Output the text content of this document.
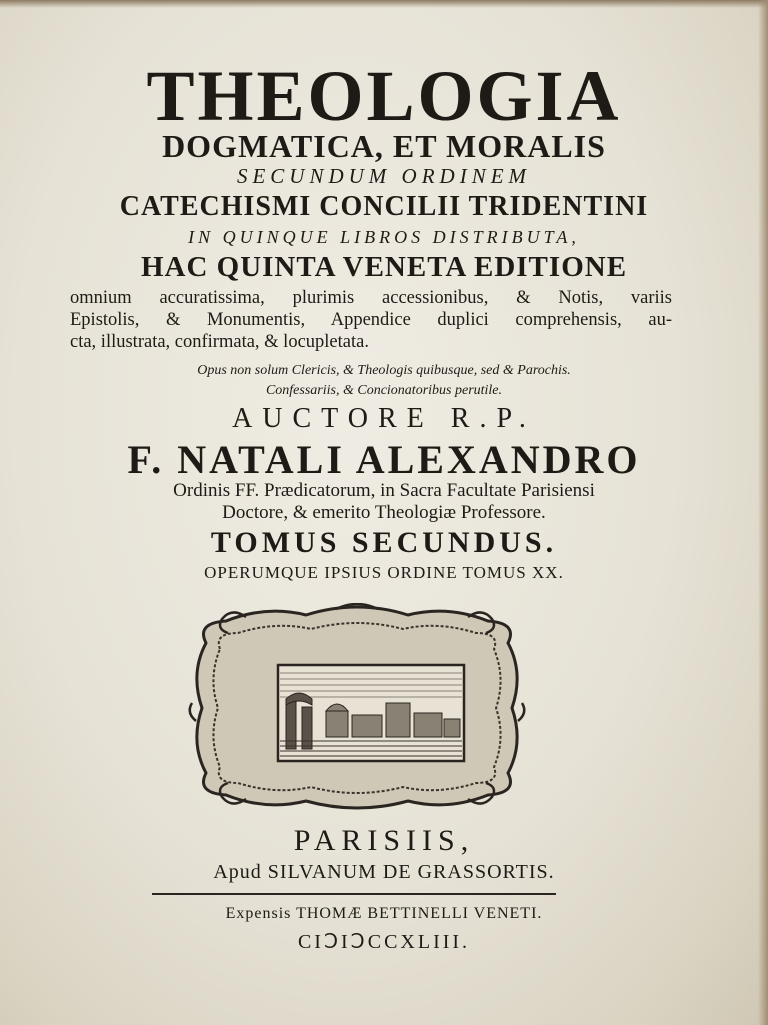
THEOLOGIA
DOGMATICA, ET MORALIS
SECUNDUM ORDINEM
CATECHISMI CONCILII TRIDENTINI
IN QUINQUE LIBROS DISTRIBUTA,
HAC QUINTA VENETA EDITIONE
omnium accuratissima, plurimis accessionibus, & Notis, variis
Epistolis, & Monumentis, Appendice duplici comprehensis, au-
cta, illustrata, confirmata, & locupletata.
Opus non solum Clericis, & Theologis quibusque, sed & Parochis.
Confessariis, & Concionatoribus perutile.
AUCTORE R.P.
F. NATALI ALEXANDRO
Ordinis FF. Prædicatorum, in Sacra Facultate Parisiensi
Doctore, & emerito Theologiæ Professore.
TOMUS SECUNDUS.
OPERUMQUE IPSIUS ORDINE TOMUS XX.
PARISIIS,
Apud SILVANUM DE GRASSORTIS.
Expensis THOMÆ BETTINELLI VENETI.
CIↃIↃCCXLIII.
